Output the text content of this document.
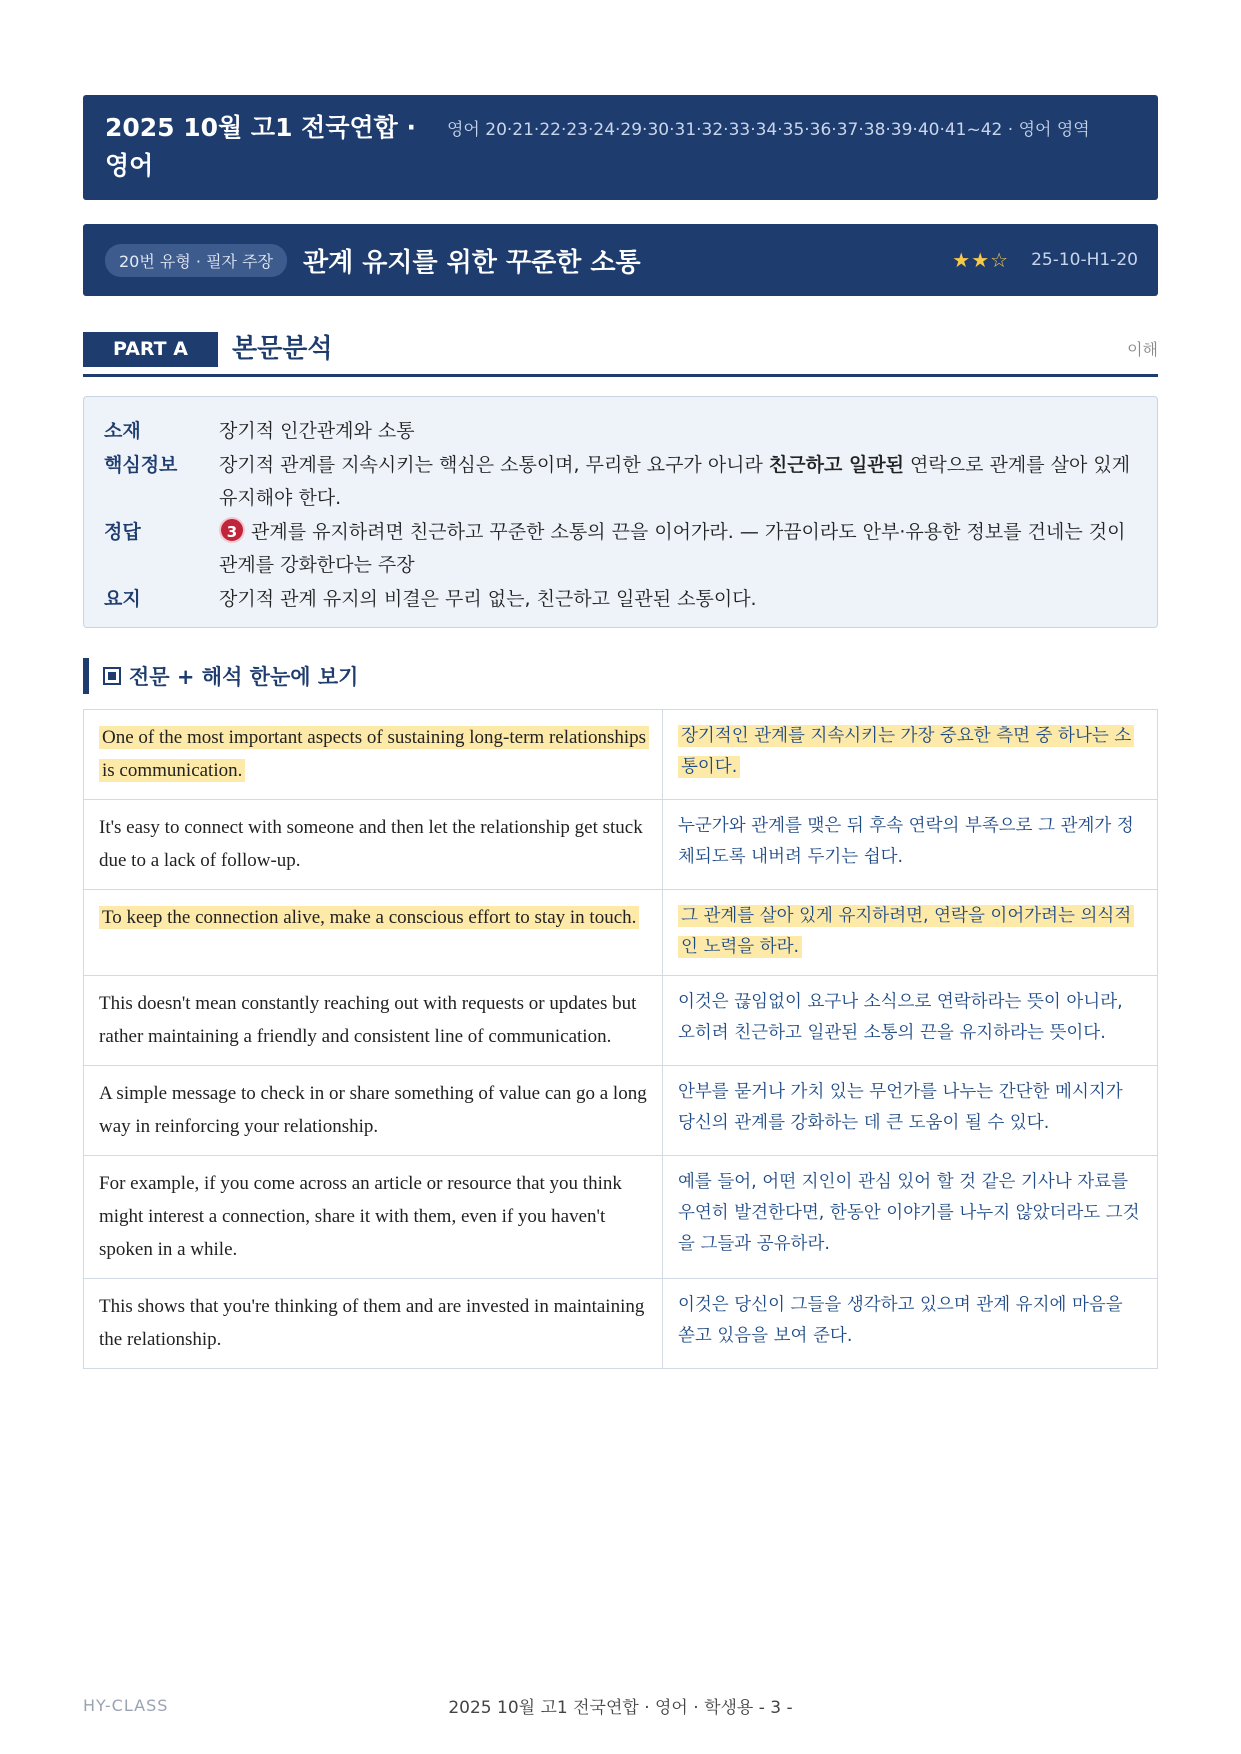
2025 10월 고1 전국연합 · 영어
영어 20·21·22·23·24·29·30·31·32·33·34·35·36·37·38·39·40·41~42 · 영어 영역
20번 유형 · 필자 주장	관계 유지를 위한 꾸준한 소통	★★☆ 25-10-H1-20
PART A	본문분석	이해
소재	장기적 인간관계와 소통
핵심정보	장기적 관계를 지속시키는 핵심은 소통이며, 무리한 요구가 아니라 친근하고 일관된 연락으로 관계를 살아 있게 유지해야 한다.
정답	3 관계를 유지하려면 친근하고 꾸준한 소통의 끈을 이어가라. — 가끔이라도 안부·유용한 정보를 건네는 것이 관계를 강화한다는 주장
요지	장기적 관계 유지의 비결은 무리 없는, 친근하고 일관된 소통이다.
전문 + 해석 한눈에 보기
One of the most important aspects of sustaining long-term relationships is communication.	장기적인 관계를 지속시키는 가장 중요한 측면 중 하나는 소통이다.
It's easy to connect with someone and then let the relationship get stuck due to a lack of follow-up.	누군가와 관계를 맺은 뒤 후속 연락의 부족으로 그 관계가 정체되도록 내버려 두기는 쉽다.
To keep the connection alive, make a conscious effort to stay in touch.	그 관계를 살아 있게 유지하려면, 연락을 이어가려는 의식적인 노력을 하라.
This doesn't mean constantly reaching out with requests or updates but rather maintaining a friendly and consistent line of communication.	이것은 끊임없이 요구나 소식으로 연락하라는 뜻이 아니라, 오히려 친근하고 일관된 소통의 끈을 유지하라는 뜻이다.
A simple message to check in or share something of value can go a long way in reinforcing your relationship.	안부를 묻거나 가치 있는 무언가를 나누는 간단한 메시지가 당신의 관계를 강화하는 데 큰 도움이 될 수 있다.
For example, if you come across an article or resource that you think might interest a connection, share it with them, even if you haven't spoken in a while.	예를 들어, 어떤 지인이 관심 있어 할 것 같은 기사나 자료를 우연히 발견한다면, 한동안 이야기를 나누지 않았더라도 그것을 그들과 공유하라.
This shows that you're thinking of them and are invested in maintaining the relationship.	이것은 당신이 그들을 생각하고 있으며 관계 유지에 마음을 쏟고 있음을 보여 준다.
HY-CLASS	2025 10월 고1 전국연합 · 영어 · 학생용 - 3 -
